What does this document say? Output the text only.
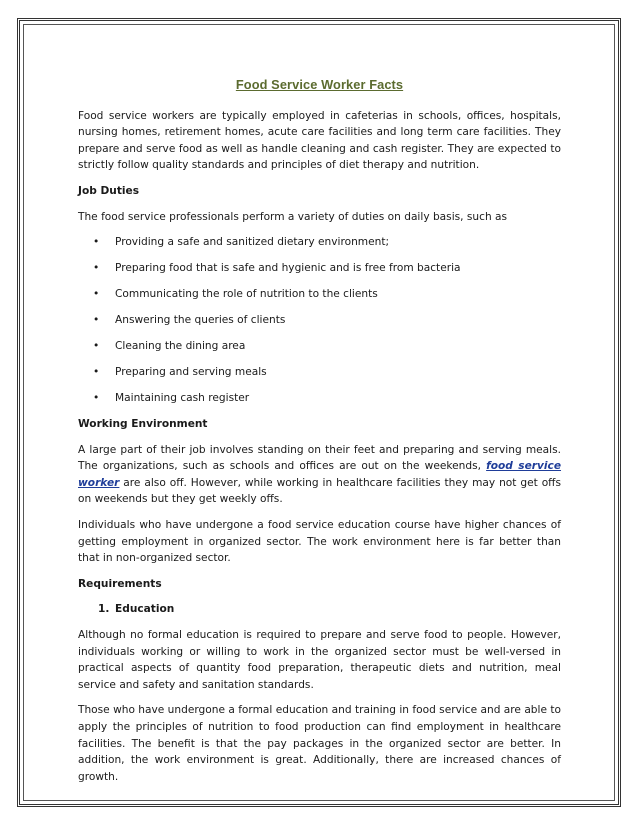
Food Service Worker Facts

Food service workers are typically employed in cafeterias in schools, offices, hospitals, nursing homes, retirement homes, acute care facilities and long term care facilities. They prepare and serve food as well as handle cleaning and cash register. They are expected to strictly follow quality standards and principles of diet therapy and nutrition.

Job Duties

The food service professionals perform a variety of duties on daily basis, such as

• Providing a safe and sanitized dietary environment;
• Preparing food that is safe and hygienic and is free from bacteria
• Communicating the role of nutrition to the clients
• Answering the queries of clients
• Cleaning the dining area
• Preparing and serving meals
• Maintaining cash register
Working Environment

A large part of their job involves standing on their feet and preparing and serving meals. The organizations, such as schools and offices are out on the weekends, food service worker are also off. However, while working in healthcare facilities they may not get offs on weekends but they get weekly offs.

Individuals who have undergone a food service education course have higher chances of getting employment in organized sector. The work environment here is far better than that in non-organized sector.

Requirements
1. Education

Although no formal education is required to prepare and serve food to people. However, individuals working or willing to work in the organized sector must be well-versed in practical aspects of quantity food preparation, therapeutic diets and nutrition, meal service and safety and sanitation standards.

Those who have undergone a formal education and training in food service and are able to apply the principles of nutrition to food production can find employment in healthcare facilities. The benefit is that the pay packages in the organized sector are better. In addition, the work environment is great. Additionally, there are increased chances of growth.
